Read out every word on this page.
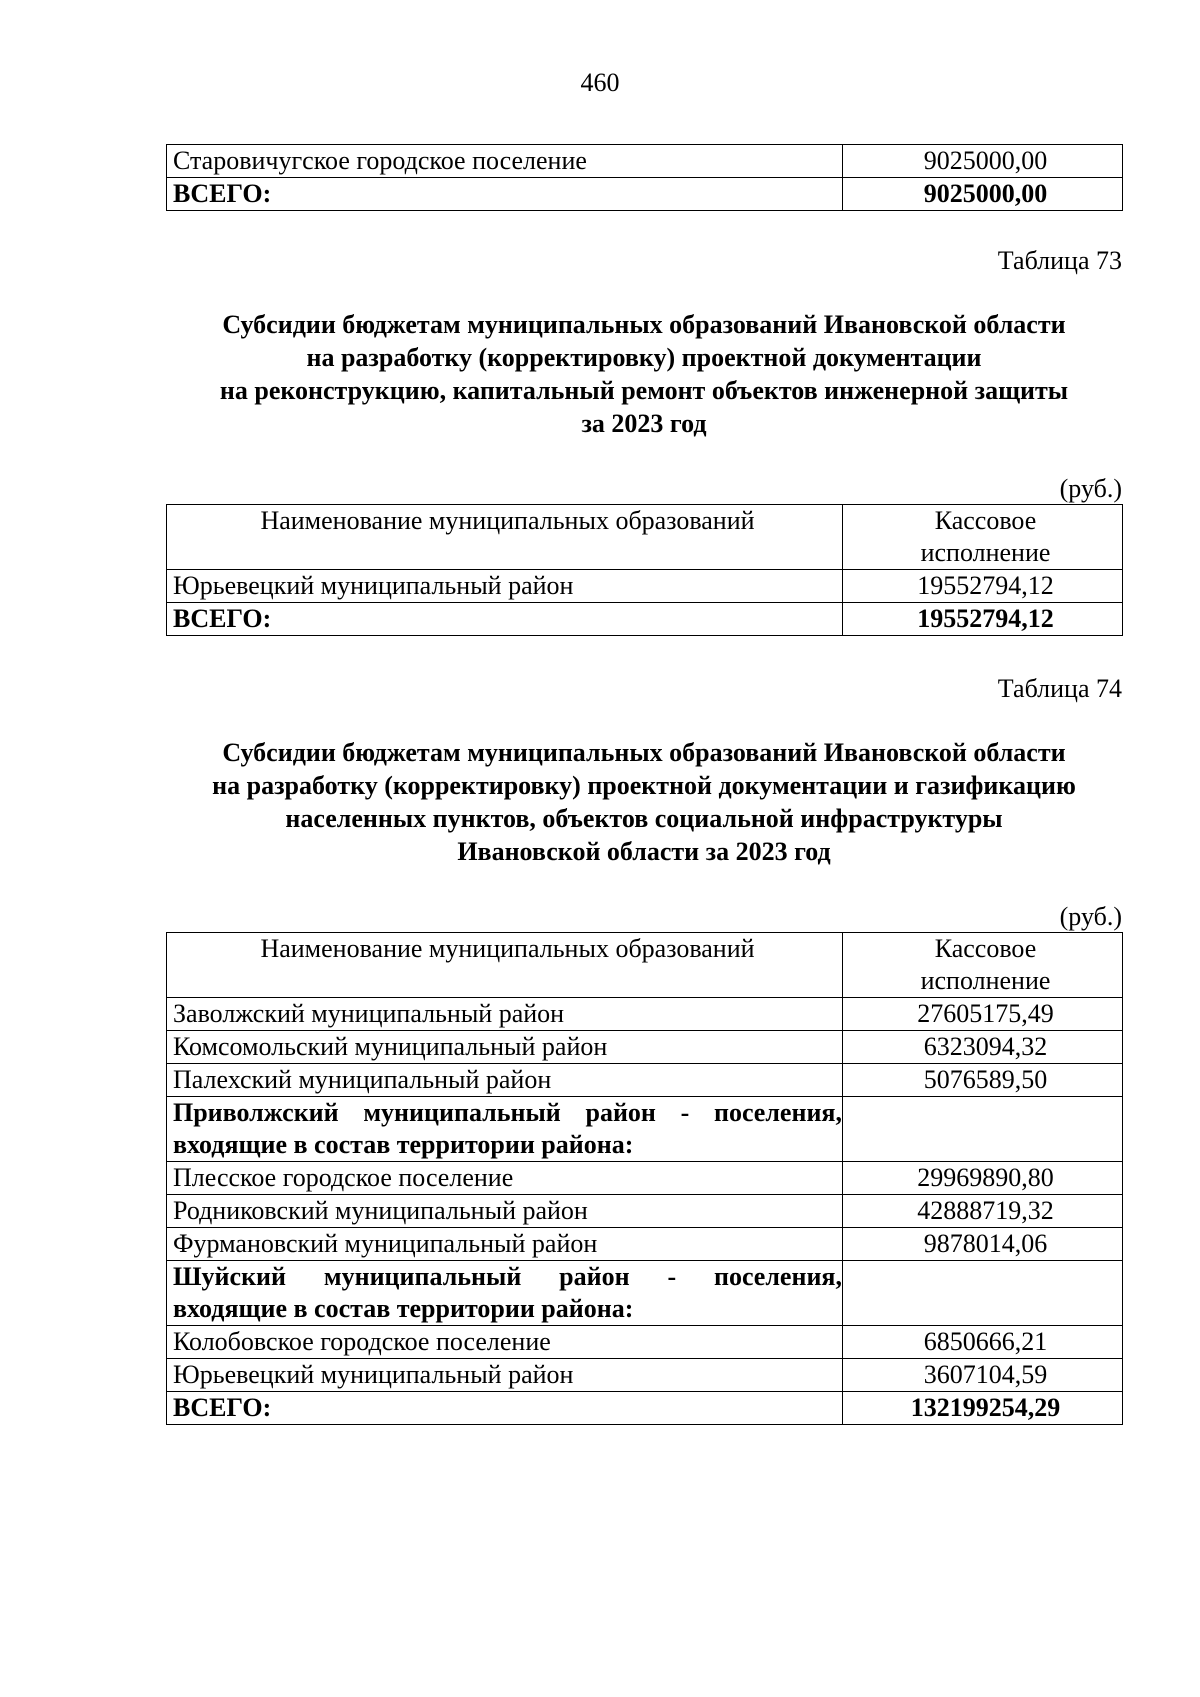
460
Старовичугское городское поселение	9025000,00
ВСЕГО:	9025000,00
Таблица 73
Субсидии бюджетам муниципальных образований Ивановской области
на разработку (корректировку) проектной документации
на реконструкцию, капитальный ремонт объектов инженерной защиты
за 2023 год
(руб.)
Наименование муниципальных образований	Кассовое
исполнение

Юрьевецкий муниципальный район	19552794,12
ВСЕГО:	19552794,12
Таблица 74
Субсидии бюджетам муниципальных образований Ивановской области
на разработку (корректировку) проектной документации и газификацию
населенных пунктов, объектов социальной инфраструктуры
Ивановской области за 2023 год
(руб.)
Наименование муниципальных образований	Кассовое
исполнение

Заволжский муниципальный район	27605175,49
Комсомольский муниципальный район	6323094,32
Палехский муниципальный район	5076589,50

Приволжский муниципальный район - поселения,
входящие в состав территории района:	

Плесское городское поселение	29969890,80
Родниковский муниципальный район	42888719,32
Фурмановский муниципальный район	9878014,06

Шуйский муниципальный район - поселения,
входящие в состав территории района:	

Колобовское городское поселение	6850666,21
Юрьевецкий муниципальный район	3607104,59
ВСЕГО:	132199254,29
